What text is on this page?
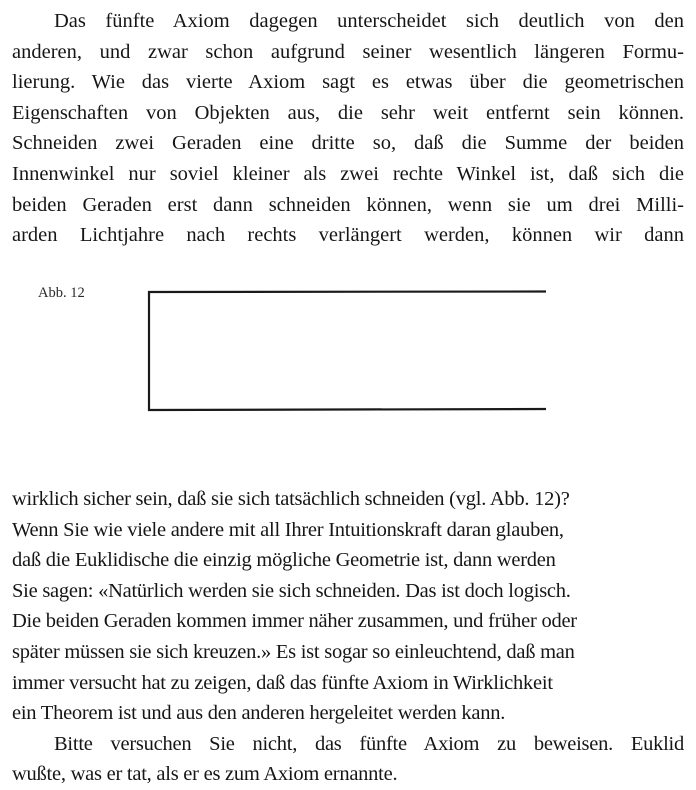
Das fünfte Axiom dagegen unterscheidet sich deutlich von den
anderen, und zwar schon aufgrund seiner wesentlich längeren Formu-
lierung. Wie das vierte Axiom sagt es etwas über die geometrischen
Eigenschaften von Objekten aus, die sehr weit entfernt sein können.
Schneiden zwei Geraden eine dritte so, daß die Summe der beiden
Innenwinkel nur soviel kleiner als zwei rechte Winkel ist, daß sich die
beiden Geraden erst dann schneiden können, wenn sie um drei Milli-
arden Lichtjahre nach rechts verlängert werden, können wir dann

Abb. 12

wirklich sicher sein, daß sie sich tatsächlich schneiden (vgl. Abb. 12)?
Wenn Sie wie viele andere mit all Ihrer Intuitionskraft daran glauben,
daß die Euklidische die einzig mögliche Geometrie ist, dann werden
Sie sagen: «Natürlich werden sie sich schneiden. Das ist doch logisch.
Die beiden Geraden kommen immer näher zusammen, und früher oder
später müssen sie sich kreuzen.» Es ist sogar so einleuchtend, daß man
immer versucht hat zu zeigen, daß das fünfte Axiom in Wirklichkeit
ein Theorem ist und aus den anderen hergeleitet werden kann.
Bitte versuchen Sie nicht, das fünfte Axiom zu beweisen. Euklid
wußte, was er tat, als er es zum Axiom ernannte.
